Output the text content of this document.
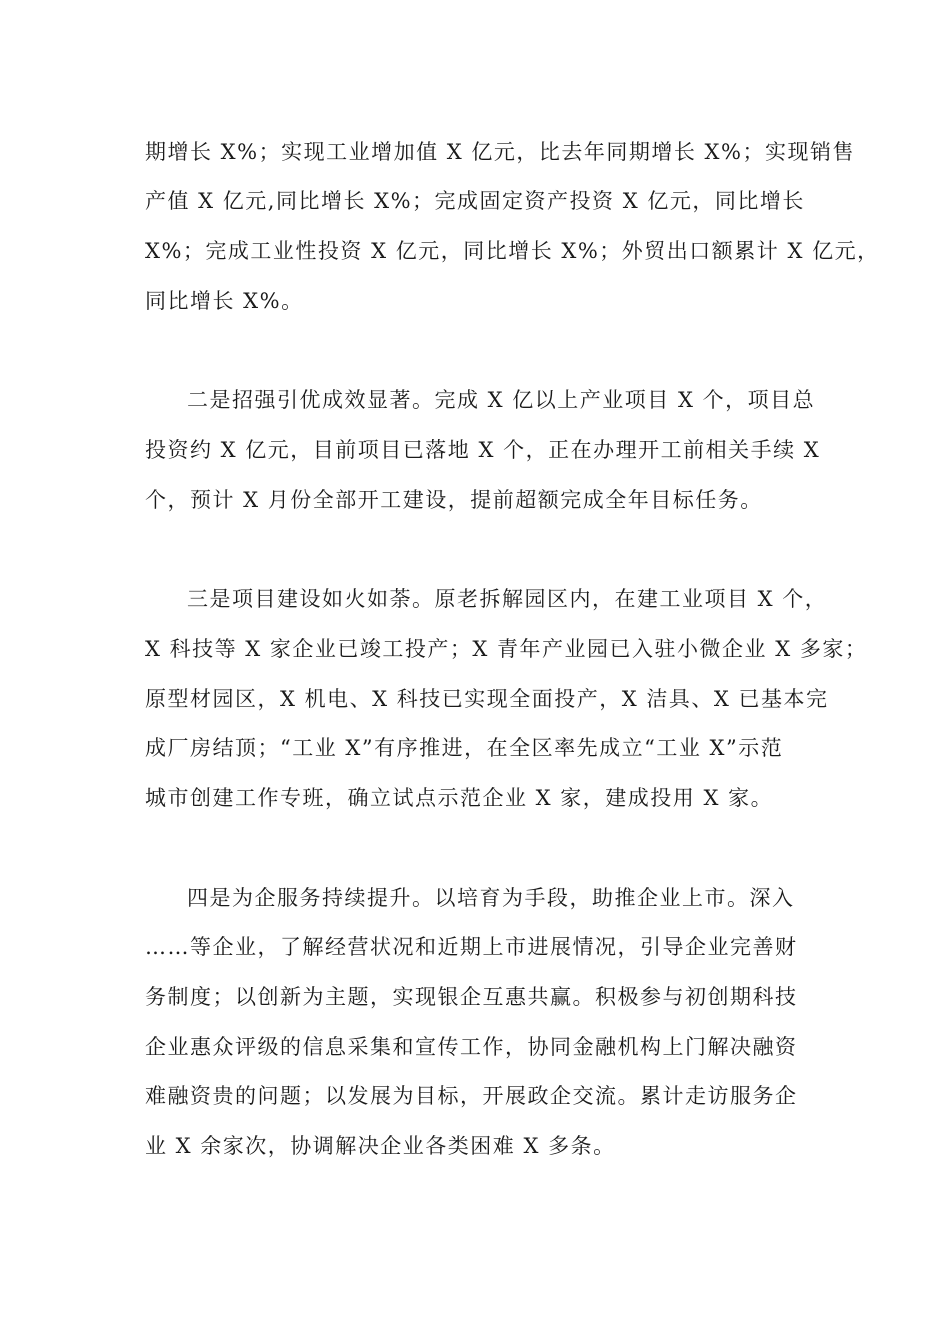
期增长 X%；实现工业增加值 X 亿元，比去年同期增长 X%；实现销售
产值 X 亿元,同比增长 X%；完成固定资产投资 X 亿元，同比增长
X%；完成工业性投资 X 亿元，同比增长 X%；外贸出口额累计 X 亿元，
同比增长 X%。
二是招强引优成效显著。完成 X 亿以上产业项目 X 个，项目总
投资约 X 亿元，目前项目已落地 X 个，正在办理开工前相关手续 X
个，预计 X 月份全部开工建设，提前超额完成全年目标任务。
三是项目建设如火如荼。原老拆解园区内，在建工业项目 X 个，
X 科技等 X 家企业已竣工投产；X 青年产业园已入驻小微企业 X 多家；
原型材园区，X 机电、X 科技已实现全面投产，X 洁具、X 已基本完
成厂房结顶；“工业 X”有序推进，在全区率先成立“工业 X”示范
城市创建工作专班，确立试点示范企业 X 家，建成投用 X 家。
四是为企服务持续提升。以培育为手段，助推企业上市。深入
……等企业，了解经营状况和近期上市进展情况，引导企业完善财
务制度；以创新为主题，实现银企互惠共赢。积极参与初创期科技
企业惠众评级的信息采集和宣传工作，协同金融机构上门解决融资
难融资贵的问题；以发展为目标，开展政企交流。累计走访服务企
业 X 余家次，协调解决企业各类困难 X 多条。
